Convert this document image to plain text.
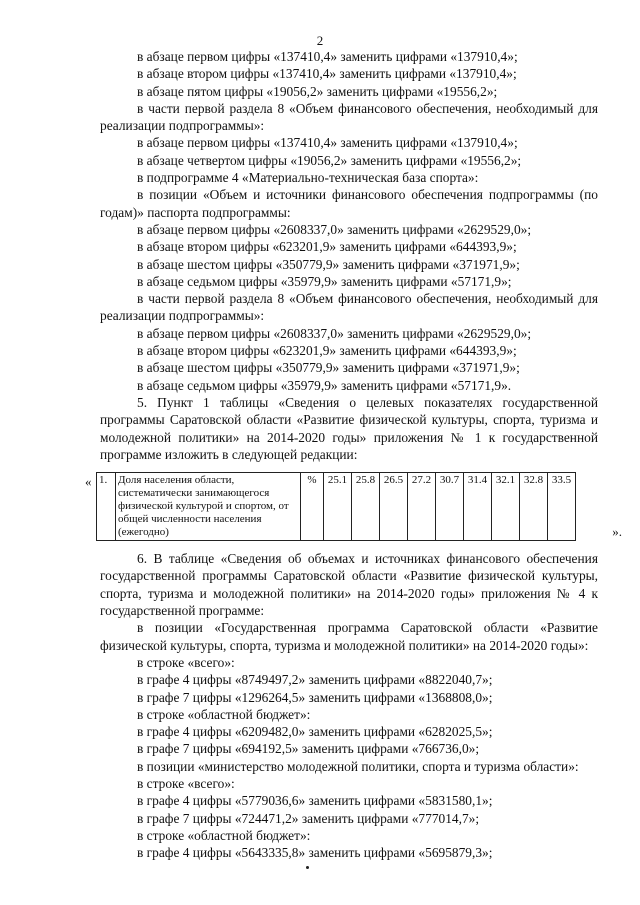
2

в абзаце первом цифры «137410,4» заменить цифрами «137910,4»;

в абзаце втором цифры «137410,4» заменить цифрами «137910,4»;

в абзаце пятом цифры «19056,2» заменить цифрами «19556,2»;

в части первой раздела 8 «Объем финансового обеспечения, необходимый для реализации подпрограммы»:

в абзаце первом цифры «137410,4» заменить цифрами «137910,4»;

в абзаце четвертом цифры «19056,2» заменить цифрами «19556,2»;

в подпрограмме 4 «Материально-техническая база спорта»:

в позиции «Объем и источники финансового обеспечения подпрограммы (по годам)» паспорта подпрограммы:

в абзаце первом цифры «2608337,0» заменить цифрами «2629529,0»;

в абзаце втором цифры «623201,9» заменить цифрами «644393,9»;

в абзаце шестом цифры «350779,9» заменить цифрами «371971,9»;

в абзаце седьмом цифры «35979,9» заменить цифрами «57171,9»;

в части первой раздела 8 «Объем финансового обеспечения, необходимый для реализации подпрограммы»:

в абзаце первом цифры «2608337,0» заменить цифрами «2629529,0»;

в абзаце втором цифры «623201,9» заменить цифрами «644393,9»;

в абзаце шестом цифры «350779,9» заменить цифрами «371971,9»;

в абзаце седьмом цифры «35979,9» заменить цифрами «57171,9».

5. Пункт 1 таблицы «Сведения о целевых показателях государственной программы Саратовской области «Развитие физической культуры, спорта, туризма и молодежной политики» на 2014-2020 годы» приложения № 1 к государственной программе изложить в следующей редакции:

« 1.	Доля населения области, систематически занимающегося физической культурой и спортом, от общей численности населения (ежегодно)	%	25.1	25.8	26.5	27.2	30.7	31.4	32.1	32.8	33.5
».

6. В таблице «Сведения об объемах и источниках финансового обеспечения государственной программы Саратовской области «Развитие физической культуры, спорта, туризма и молодежной политики» на 2014-2020 годы» приложения № 4 к государственной программе:

в позиции «Государственная программа Саратовской области «Развитие физической культуры, спорта, туризма и молодежной политики» на 2014-2020 годы»:

в строке «всего»:

в графе 4 цифры «8749497,2» заменить цифрами «8822040,7»;

в графе 7 цифры «1296264,5» заменить цифрами «1368808,0»;

в строке «областной бюджет»:

в графе 4 цифры «6209482,0» заменить цифрами «6282025,5»;

в графе 7 цифры «694192,5» заменить цифрами «766736,0»;

в позиции «министерство молодежной политики, спорта и туризма области»:

в строке «всего»:

в графе 4 цифры «5779036,6» заменить цифрами «5831580,1»;

в графе 7 цифры «724471,2» заменить цифрами «777014,7»;

в строке «областной бюджет»:

в графе 4 цифры «5643335,8» заменить цифрами «5695879,3»;
